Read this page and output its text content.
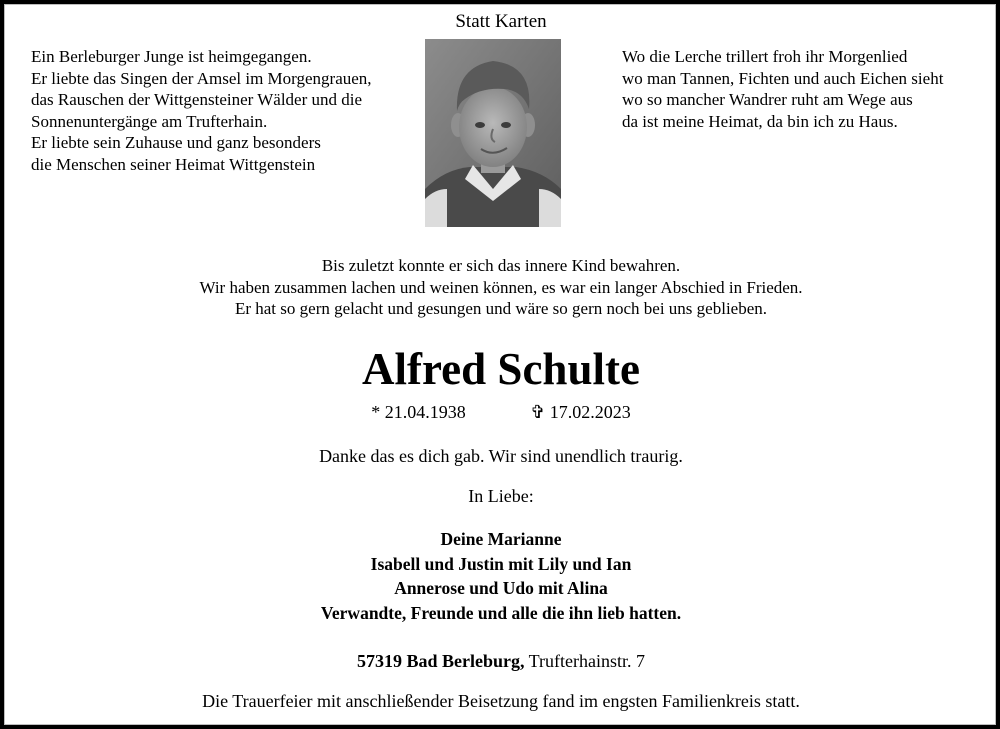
Statt Karten
Ein Berleburger Junge ist heimgegangen.
Er liebte das Singen der Amsel im Morgengrauen,
das Rauschen der Wittgensteiner Wälder und die
Sonnenuntergänge am Trufterhain.
Er liebte sein Zuhause und ganz besonders
die Menschen seiner Heimat Wittgenstein
Wo die Lerche trillert froh ihr Morgenlied
wo man Tannen, Fichten und auch Eichen sieht
wo so mancher Wandrer ruht am Wege aus
da ist meine Heimat, da bin ich zu Haus.
Bis zuletzt konnte er sich das innere Kind bewahren.
Wir haben zusammen lachen und weinen können, es war ein langer Abschied in Frieden.
Er hat so gern gelacht und gesungen und wäre so gern noch bei uns geblieben.
Alfred Schulte
* 21.04.1938	✞ 17.02.2023
Danke das es dich gab. Wir sind unendlich traurig.
In Liebe:
Deine Marianne
Isabell und Justin mit Lily und Ian
Annerose und Udo mit Alina
Verwandte, Freunde und alle die ihn lieb hatten.
57319 Bad Berleburg, Trufterhainstr. 7
Die Trauerfeier mit anschließender Beisetzung fand im engsten Familienkreis statt.
